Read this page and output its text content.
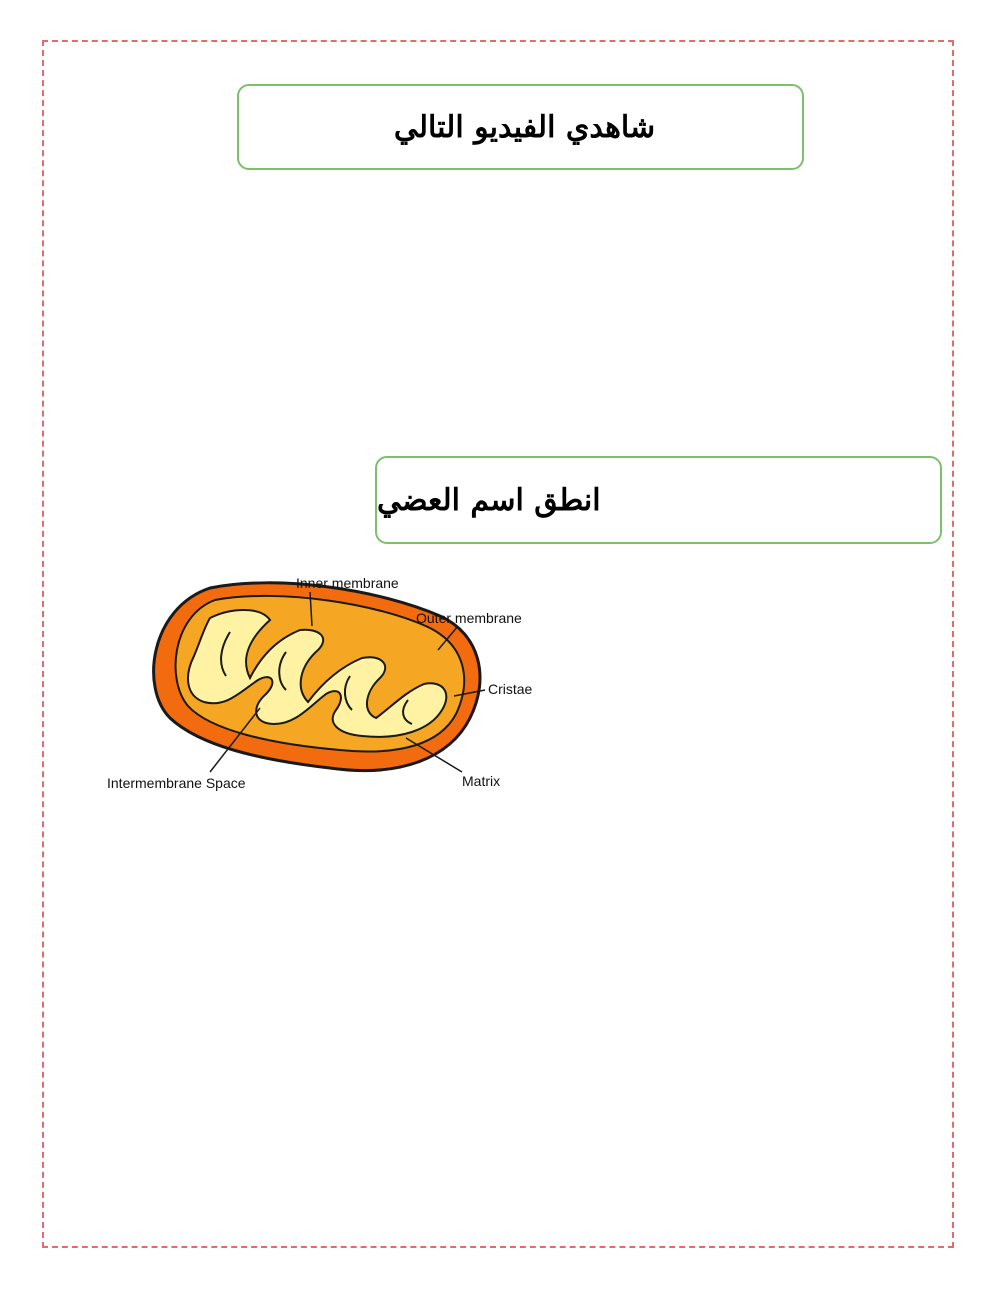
شاهدي الفيديو التالي
انطق اسم العضي
Inner membrane
Outer membrane
Cristae
Intermembrane Space	Matrix
